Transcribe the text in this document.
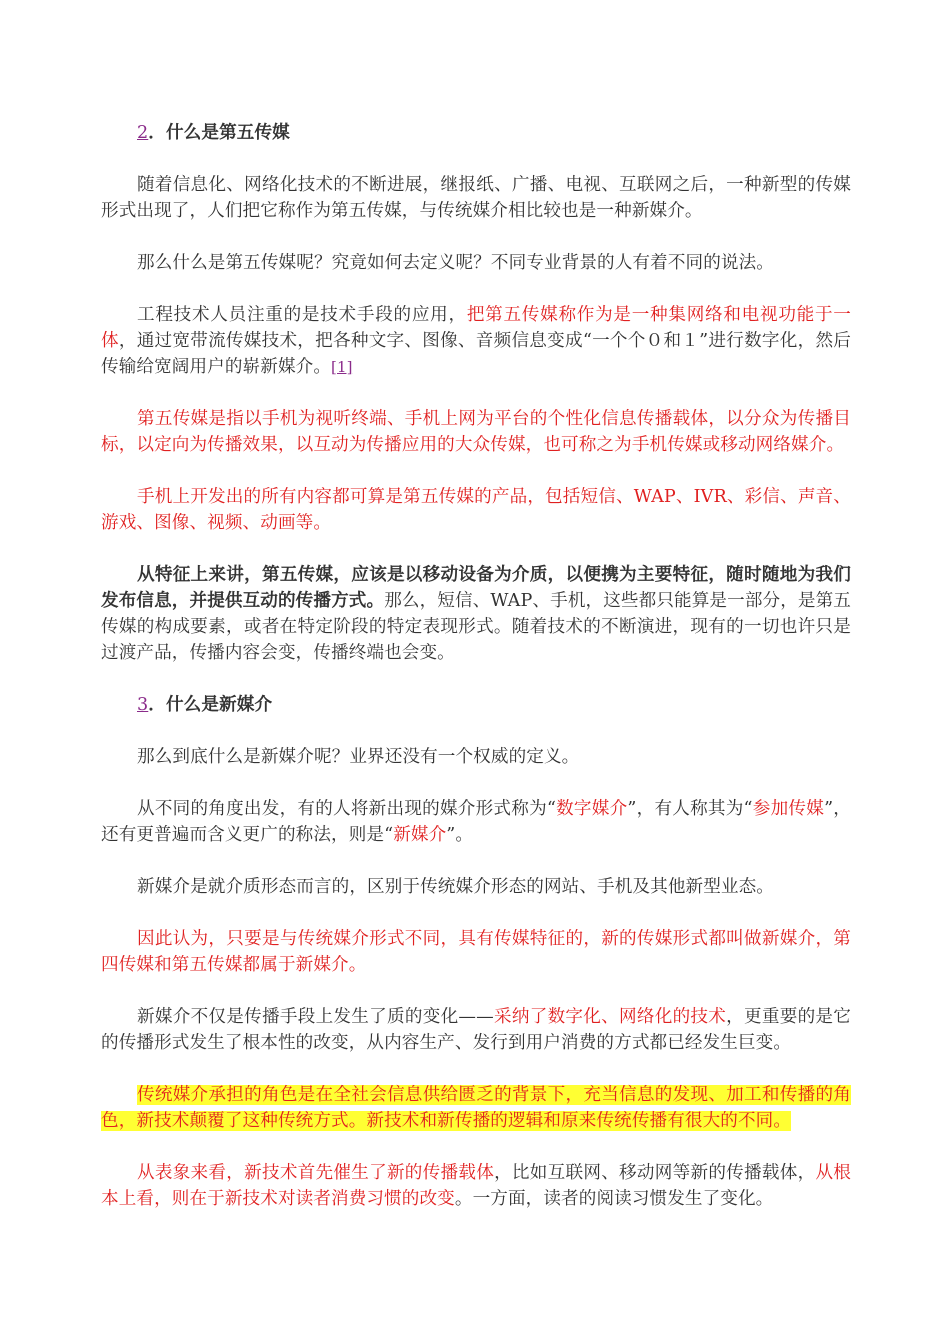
2．什么是第五传媒

随着信息化、网络化技术的不断进展，继报纸、广播、电视、互联网之后，一种新型的传媒形式出现了，人们把它称作为第五传媒，与传统媒介相比较也是一种新媒介。

那么什么是第五传媒呢？究竟如何去定义呢？不同专业背景的人有着不同的说法。

工程技术人员注重的是技术手段的应用，把第五传媒称作为是一种集网络和电视功能于一体，通过宽带流传媒技术，把各种文字、图像、音频信息变成“一个个０和１”进行数字化，然后传输给宽阔用户的崭新媒介。[1]

第五传媒是指以手机为视听终端、手机上网为平台的个性化信息传播载体，以分众为传播目标，以定向为传播效果，以互动为传播应用的大众传媒，也可称之为手机传媒或移动网络媒介。

手机上开发出的所有内容都可算是第五传媒的产品，包括短信、WAP、IVR、彩信、声音、游戏、图像、视频、动画等。

从特征上来讲，第五传媒，应该是以移动设备为介质，以便携为主要特征，随时随地为我们发布信息，并提供互动的传播方式。那么，短信、WAP、手机，这些都只能算是一部分，是第五传媒的构成要素，或者在特定阶段的特定表现形式。随着技术的不断演进，现有的一切也许只是过渡产品，传播内容会变，传播终端也会变。

3．什么是新媒介

那么到底什么是新媒介呢？业界还没有一个权威的定义。

从不同的角度出发，有的人将新出现的媒介形式称为“数字媒介”，有人称其为“参加传媒”，还有更普遍而含义更广的称法，则是“新媒介”。

新媒介是就介质形态而言的，区别于传统媒介形态的网站、手机及其他新型业态。

因此认为，只要是与传统媒介形式不同，具有传媒特征的，新的传媒形式都叫做新媒介，第四传媒和第五传媒都属于新媒介。

新媒介不仅是传播手段上发生了质的变化——采纳了数字化、网络化的技术，更重要的是它的传播形式发生了根本性的改变，从内容生产、发行到用户消费的方式都已经发生巨变。

传统媒介承担的角色是在全社会信息供给匮乏的背景下，充当信息的发现、加工和传播的角色，新技术颠覆了这种传统方式。新技术和新传播的逻辑和原来传统传播有很大的不同。

从表象来看，新技术首先催生了新的传播载体，比如互联网、移动网等新的传播载体，从根本上看，则在于新技术对读者消费习惯的改变。一方面，读者的阅读习惯发生了变化。
